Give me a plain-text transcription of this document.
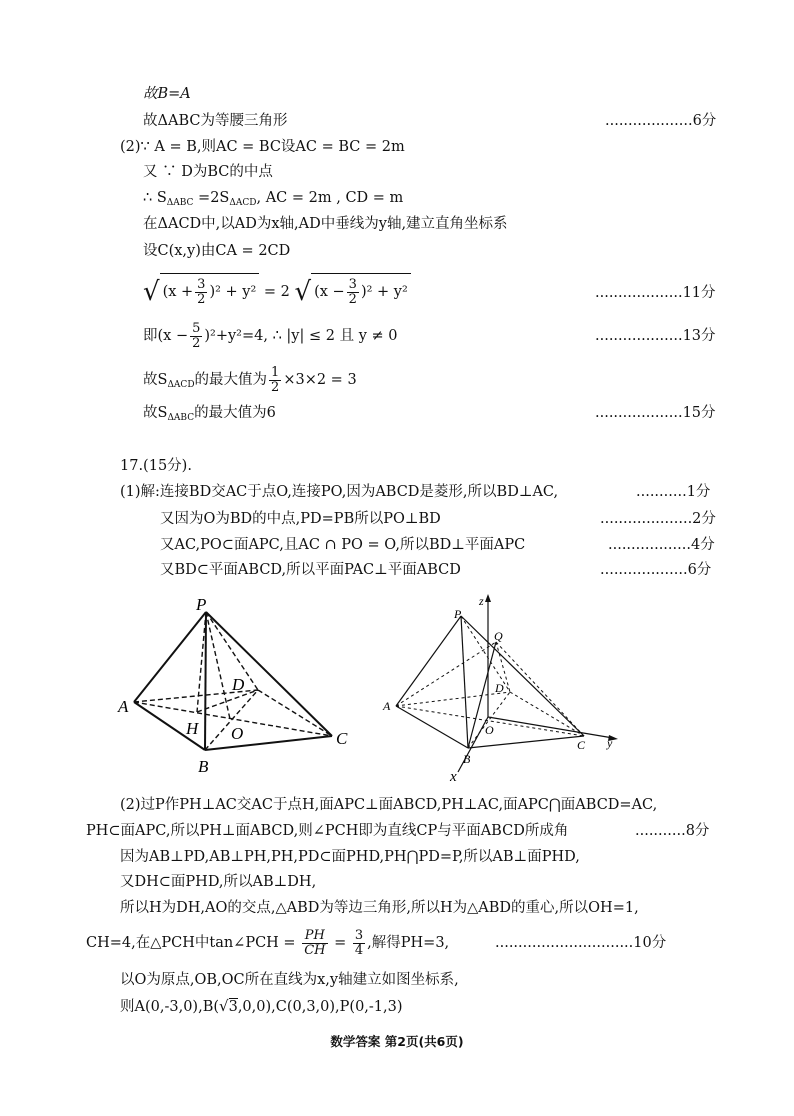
故B=A
故ΔABC为等腰三角形	...................6分
(2)∵ A = B,则AC = BC设AC = BC = 2m
又 ∵ D为BC的中点
∴ $S_{\Delta ABC} =2S_{\Delta ACD}$, AC = 2m , CD = m
在ΔACD中,以AD为x轴,AD中垂线为y轴,建立直角坐标系
设C(x,y)由CA = 2CD
√ $(x + \frac{3}{2} )^2 + y^2 = 2$ √ $(x - \frac{3}{2} )^2 + y^2$	...................11分
即$(x - \frac{5}{2} )^2+y^2=4$, ∴ |y| ≤ 2 且 y ≠ 0	...................13分
故$S_{\Delta ACD}$的最大值为 $\frac{1}{2} \times 3\times 2 = 3$
故$S_{\Delta ABC}$的最大值为6	...................15分
17.(15分).
(1)解:连接BD交AC于点O,连接PO,因为ABCD是菱形,所以BD⊥AC,	...........1分
又因为O为BD的中点,PD=PB所以PO⊥BD	....................2分
又AC,PO⊂面APC,且AC ∩ PO = O,所以BD⊥平面APC	..................4分
又BD⊂平面ABCD,所以平面PAC⊥平面ABCD	...................6分
P
D
A
H O	C
B
z
P
Q
D
A
O
B
C y
x
(2)过P作PH⊥AC交AC于点H,面APC⊥面ABCD,PH⊥AC,面APC⋂面ABCD=AC,
PH⊂面APC,所以PH⊥面ABCD,则∠PCH即为直线CP与平面ABCD所成角	...........8分
因为AB⊥PD,AB⊥PH,PH,PD⊂面PHD,PH⋂PD=P,所以AB⊥面PHD,
又DH⊂面PHD,所以AB⊥DH,
所以H为DH,AO的交点,△ABD为等边三角形,所以H为△ABD的重心,所以OH=1,
CH=4,在△PCH中tan∠PCH = $\frac{PH}{CH} = \frac{3}{4}$ ,解得PH=3,	..............................10分
以O为原点,OB,OC所在直线为x,y轴建立如图坐标系,
则A(0,-3,0),B(√3,0,0),C(0,3,0),P(0,-1,3)
数学答案 第2页(共6页)
